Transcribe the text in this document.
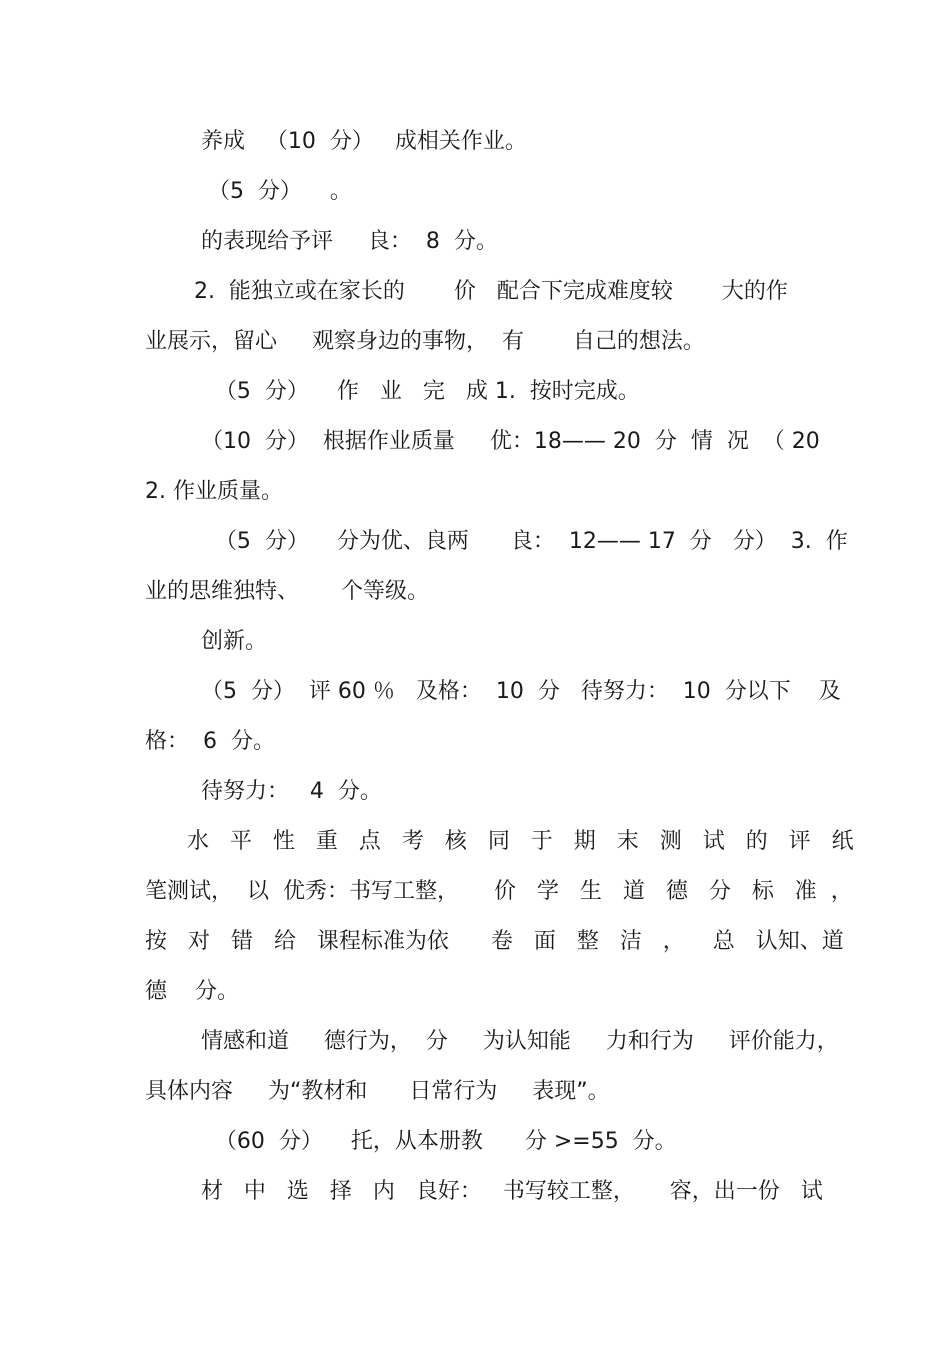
养成   （10  分）   成相关作业。
（5  分）    。
的表现给予评     良：  8  分。
2.  能独立或在家长的       价   配合下完成难度较       大的作
业展示，留心     观察身边的事物，  有       自己的想法。
（5  分）    作   业   完   成 1.  按时完成。
（10  分）  根据作业质量     优：18—— 20  分  情  况  （ 20
2. 作业质量。
（5  分）    分为优、良两      良：  12—— 17  分   分）  3.  作
业的思维独特、      个等级。
创新。
（5  分）  评 60 ％   及格：  10  分   待努力：  10  分以下    及
格：  6  分。
待努力：   4  分。
水   平   性   重   点   考   核   同   于   期   末   测   试   的   评   纸
笔测试，  以  优秀：书写工整，     价   学   生   道   德   分   标   准  ，
按   对   错   给   课程标准为依      卷   面   整   洁   ，    总   认知、道
德    分。
情感和道     德行为，  分     为认知能     力和行为     评价能力，
具体内容     为“教材和      日常行为     表现”。
（60  分）    托，从本册教      分 >=55  分。
材   中   选   择   内   良好：   书写较工整，     容，出一份   试
